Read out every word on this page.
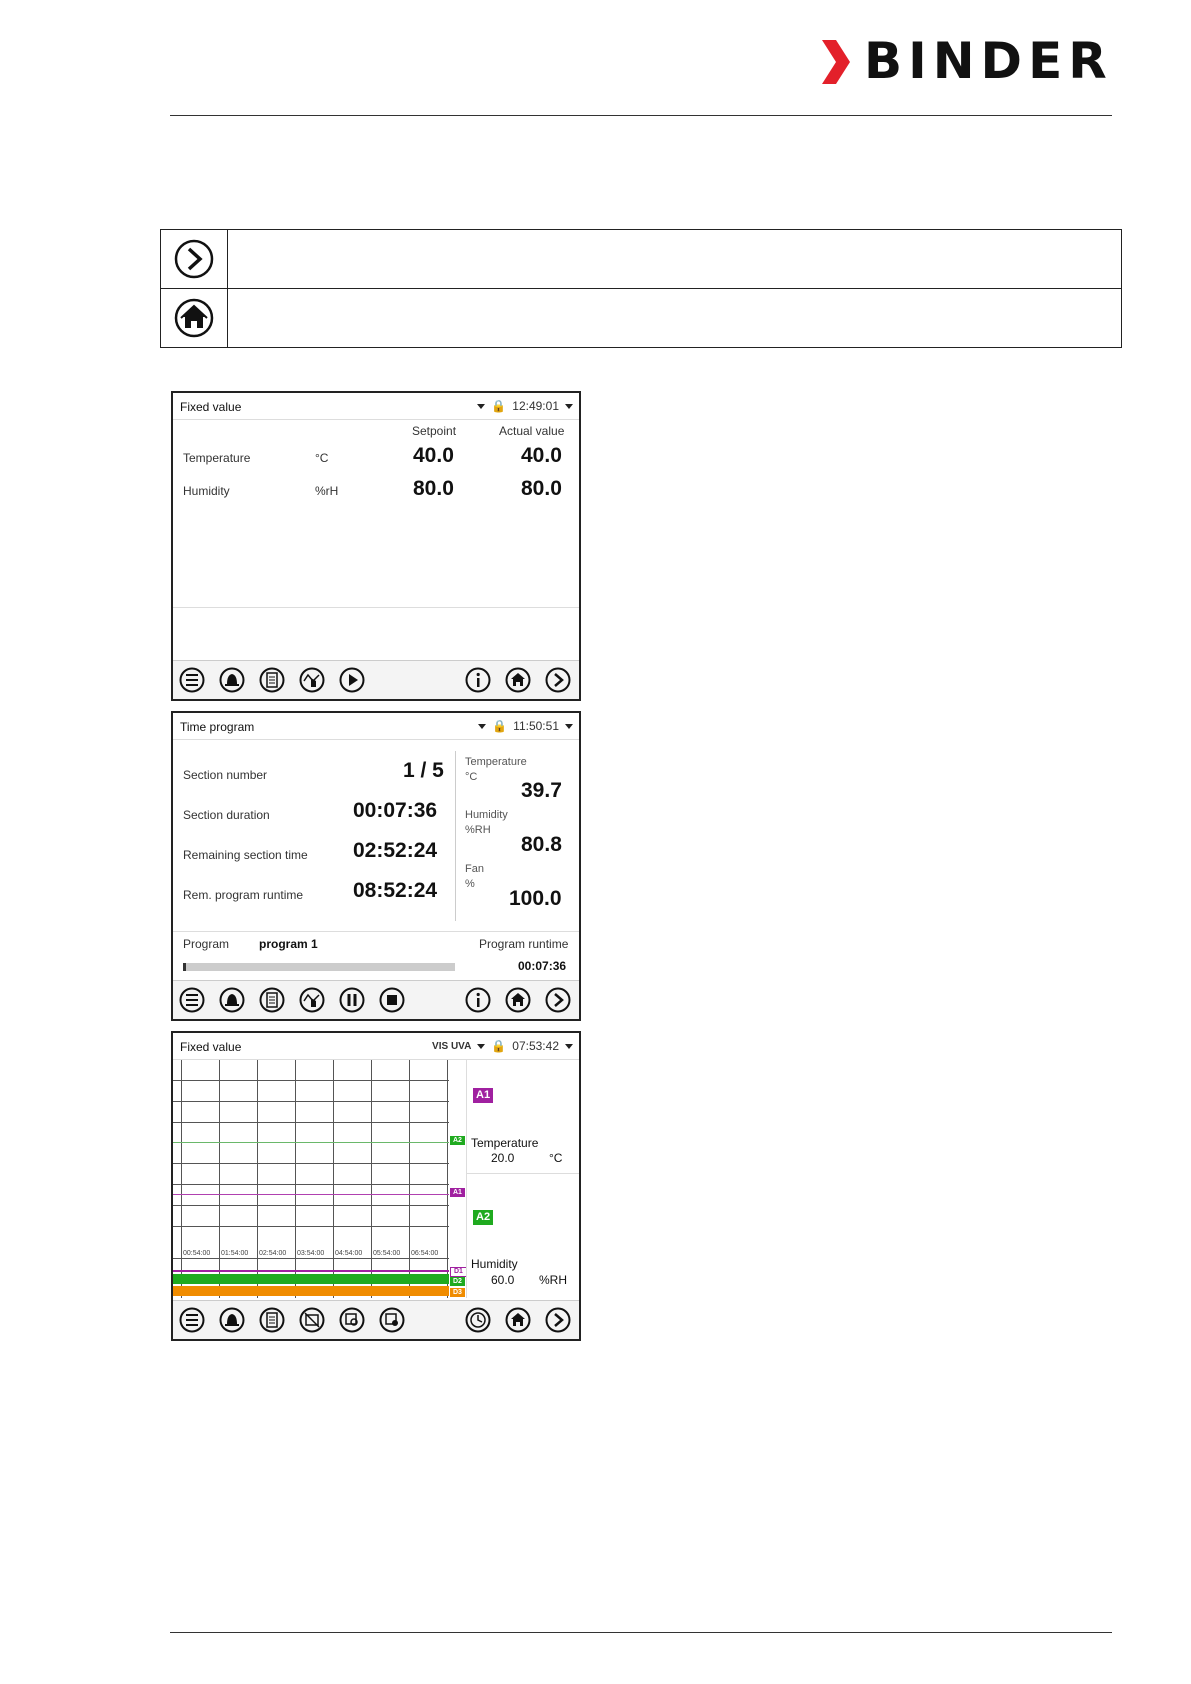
BINDER

Fixed value	🔒 12:49:01
Setpoint	Actual value
Temperature	°C	40.0	40.0
Humidity	%rH	80.0	80.0
Time program	🔒 11:50:51
Section number	1 / 5
Section duration	00:07:36
Remaining section time 02:52:24
Rem. program runtime 08:52:24
Temperature
°C
39.7
Humidity
%RH
80.8
Fan
%
100.0
Program program 1	Program runtime
00:07:36
Fixed value	VIS UVA 🔒 07:53:42
00:54:00 01:54:00 02:54:00 03:54:00 04:54:00 05:54:00 06:54:00
A2
A1
D1
D2
D3
A1
Temperature
20.0	°C
A2
Humidity
60.0 %RH
